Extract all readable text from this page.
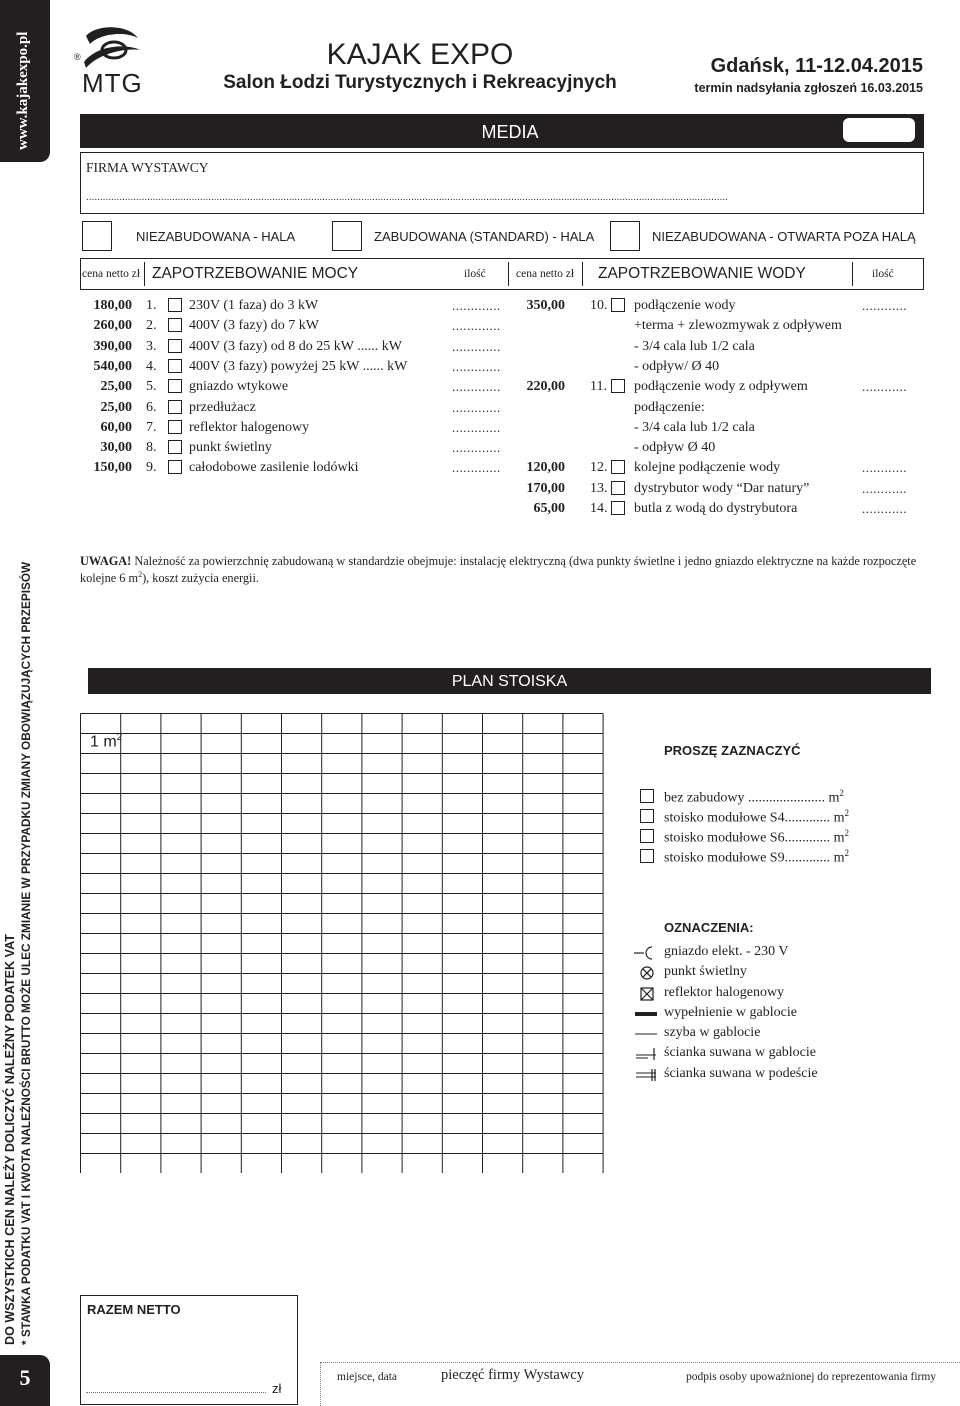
www.kajakexpo.pl
DO WSZYSTKICH CEN NALEŻY DOLICZYĆ NALEŻNY PODATEK VAT * STAWKA PODATKU VAT I KWOTA NALEŻNOŚCI BRUTTO MOŻE ULEC ZMIANIE W PRZYPADKU ZMIANY OBOWIĄZUJĄCYCH PRZEPISÓW
5
®
MTG
KAJAK EXPO
Salon Łodzi Turystycznych i Rekreacyjnych
Gdańsk, 11-12.04.2015
termin nadsyłania zgłoszeń 16.03.2015
MEDIA
FIRMA WYSTAWCY
.......................................................................................................................................................................................................................................
NIEZABUDOWANA - HALA	ZABUDOWANA (STANDARD) - HALA	NIEZABUDOWANA - OTWARTA POZA HALĄ
cena netto zł ZAPOTRZEBOWANIE MOCY	ilość	cena netto zł ZAPOTRZEBOWANIE WODY	ilość
180,00 1. 230V (1 faza) do 3 kW	.............
260,00 2. 400V (3 fazy) do 7 kW	.............
390,00 3. 400V (3 fazy) od 8 do 25 kW ...... kW	.............
540,00 4. 400V (3 fazy) powyżej 25 kW ...... kW	.............
25,00 5. gniazdo wtykowe	.............
25,00 6. przedłużacz	.............
60,00 7. reflektor halogenowy	.............
30,00 8. punkt świetlny	.............
150,00 9. całodobowe zasilenie lodówki	.............
350,00 10. podłączenie wody	............
+terma + zlewozmywak z odpływem
- 3/4 cala lub 1/2 cala
- odpływ/ Ø 40
220,00 11. podłączenie wody z odpływem	............
podłączenie:
- 3/4 cala lub 1/2 cala
- odpływ Ø 40
120,00 12. kolejne podłączenie wody	............
170,00 13. dystrybutor wody “Dar natury”	............
65,00 14. butla z wodą do dystrybutora	............
UWAGA! Należność za powierzchnię zabudowaną w standardzie obejmuje: instalację elektryczną (dwa punkty świetlne i jedno gniazdo elektryczne na każde rozpoczęte kolejne 6 $m^2$), koszt zużycia energii.
PLAN STOISKA
1 $m^2$
PROSZĘ ZAZNACZYĆ
bez zabudowy ...................... $m^2$
stoisko modułowe S4............. $m^2$
stoisko modułowe S6............. $m^2$
stoisko modułowe S9............. $m^2$
OZNACZENIA:
gniazdo elekt. - 230 V
punkt świetlny
reflektor halogenowy
wypełnienie w gablocie
szyba w gablocie
ścianka suwana w gablocie
ścianka suwana w podeście
RAZEM NETTO
zł
miejsce, data	pieczęć firmy Wystawcy	podpis osoby upoważnionej do reprezentowania firmy
